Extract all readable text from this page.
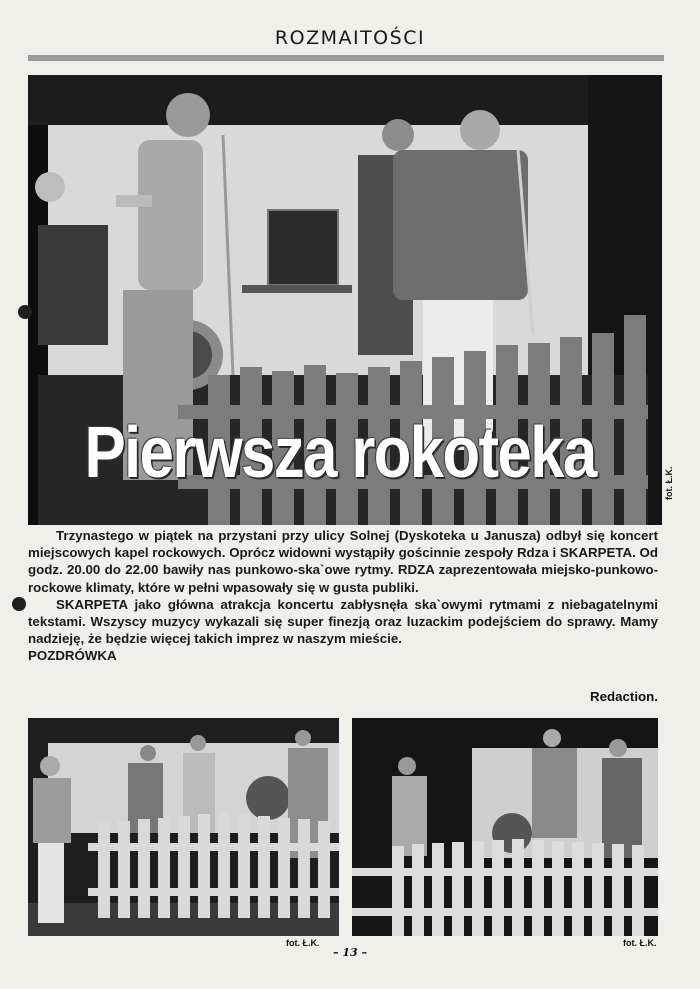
ROZMAITOŚCI
Pierwsza rokoteka	fot. Ł.K.

Trzynastego w piątek na przystani przy ulicy Solnej (Dyskoteka u Janusza) odbył się koncert miejscowych kapel rockowych. Oprócz widowni wystąpiły gościnnie zespoły Rdza i SKARPETA. Od godz. 20.00 do 22.00 bawiły nas punkowo-ska`owe rytmy. RDZA zaprezentowała miejsko-punkowo-rockowe klimaty, które w pełni wpasowały się w gusta publiki.

SKARPETA jako główna atrakcja koncertu zabłysnęła ska`owymi rytmami z niebagatelnymi tekstami. Wszyscy muzycy wykazali się super finezją oraz luzackim podejściem do sprawy. Mamy nadzieję, że będzie więcej takich imprez w naszym mieście.

POZDRÓWKA

Redaction.
fot. Ł.K.	fot. Ł.K.
– 13 –
